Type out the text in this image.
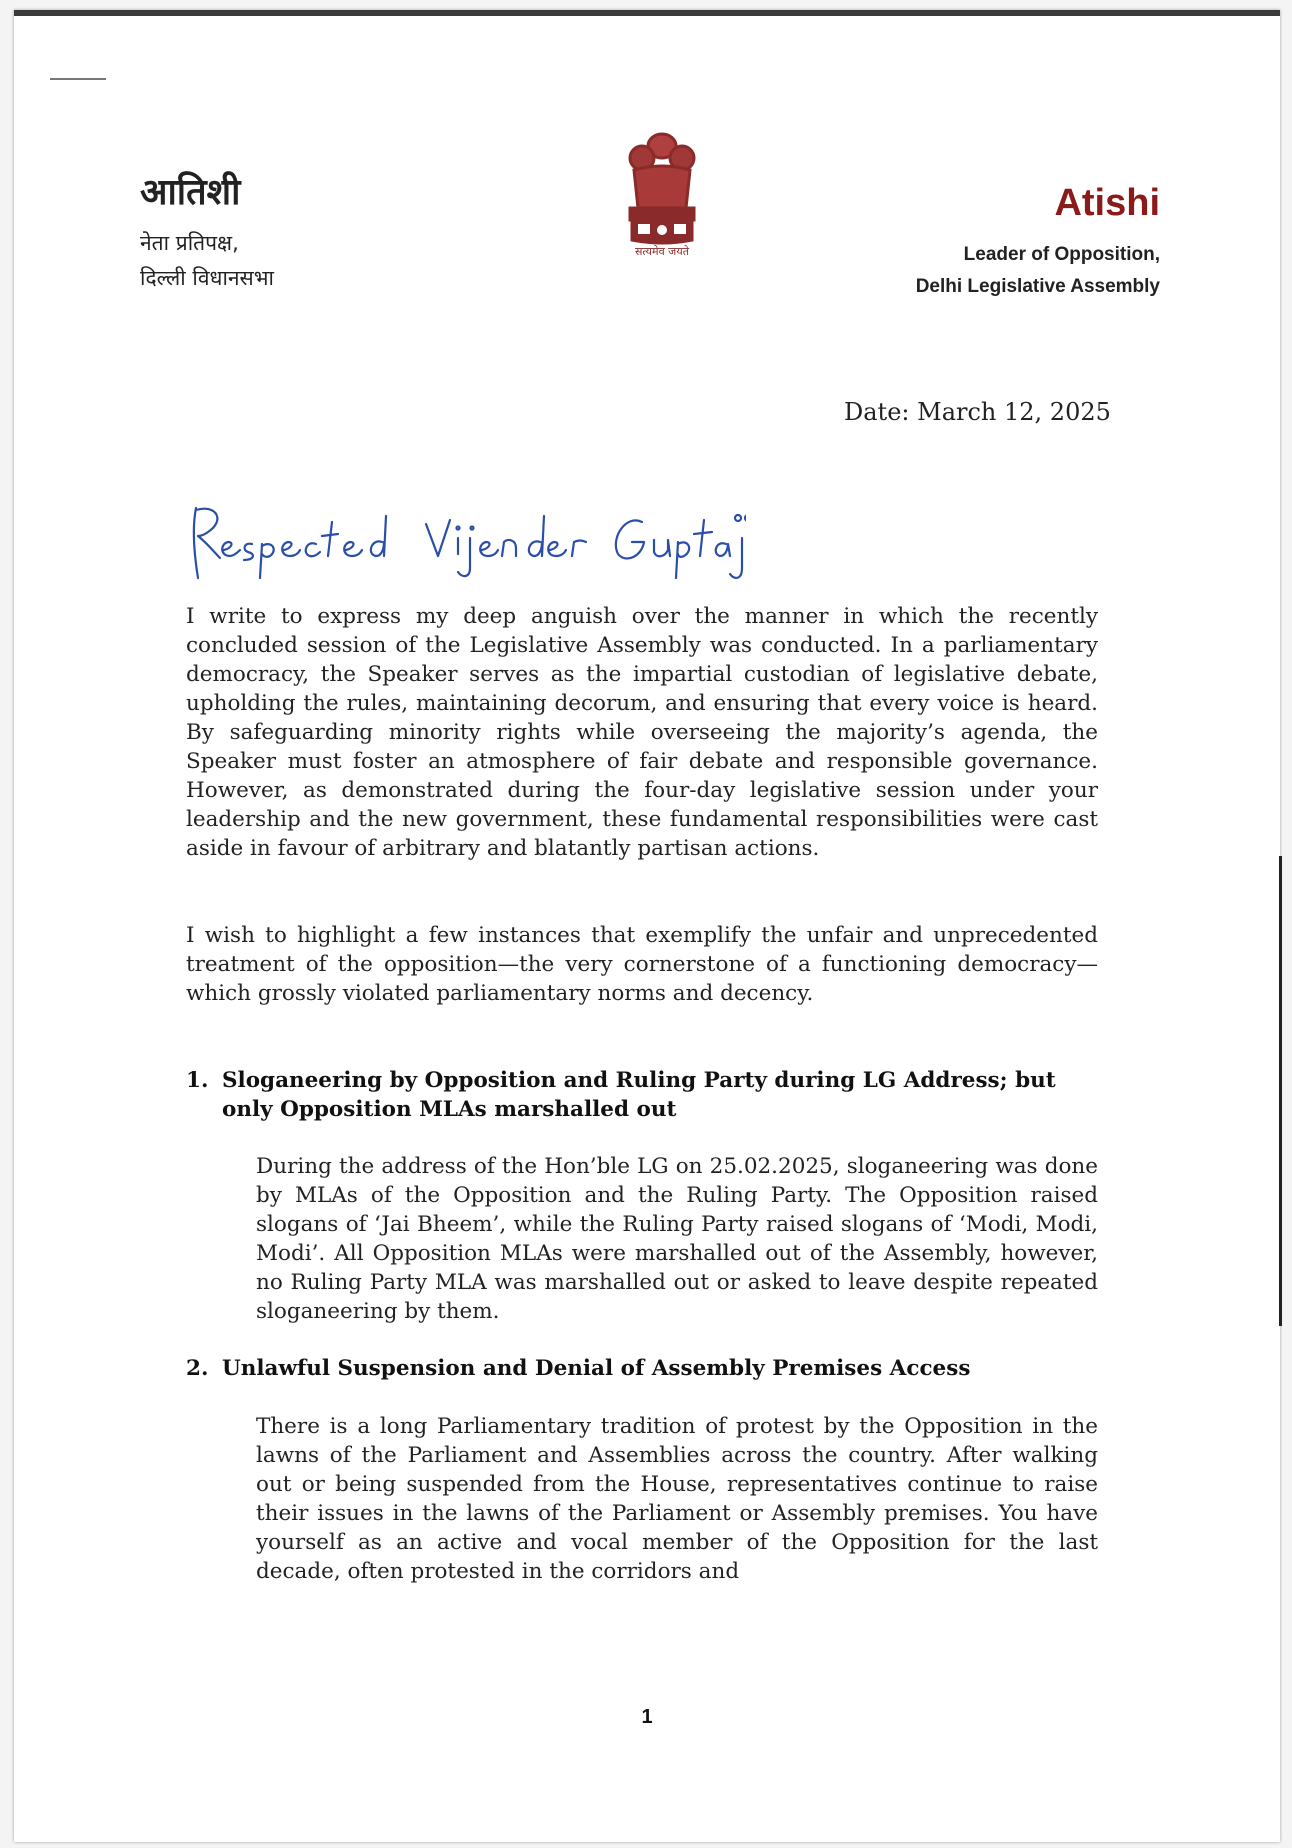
आतिशी
नेता प्रतिपक्ष,
दिल्ली विधानसभा
सत्यमेव जयते
Atishi
Leader of Opposition,
Delhi Legislative Assembly
Date: March 12, 2025

I write to express my deep anguish over the manner in which the recently concluded session of the Legislative Assembly was conducted. In a parliamentary democracy, the Speaker serves as the impartial custodian of legislative debate, upholding the rules, maintaining decorum, and ensuring that every voice is heard. By safeguarding minority rights while overseeing the majority’s agenda, the Speaker must foster an atmosphere of fair debate and responsible governance. However, as demonstrated during the four-day legislative session under your leadership and the new government, these fundamental responsibilities were cast aside in favour of arbitrary and blatantly partisan actions.

I wish to highlight a few instances that exemplify the unfair and unprecedented treatment of the opposition—the very cornerstone of a functioning democracy— which grossly violated parliamentary norms and decency.

1. Sloganeering by Opposition and Ruling Party during LG Address; but only Opposition MLAs marshalled out

During the address of the Hon’ble LG on 25.02.2025, sloganeering was done by MLAs of the Opposition and the Ruling Party. The Opposition raised slogans of ‘Jai Bheem’, while the Ruling Party raised slogans of ‘Modi, Modi, Modi’. All Opposition MLAs were marshalled out of the Assembly, however, no Ruling Party MLA was marshalled out or asked to leave despite repeated sloganeering by them.

2. Unlawful Suspension and Denial of Assembly Premises Access

There is a long Parliamentary tradition of protest by the Opposition in the lawns of the Parliament and Assemblies across the country. After walking out or being suspended from the House, representatives continue to raise their issues in the lawns of the Parliament or Assembly premises. You have yourself as an active and vocal member of the Opposition for the last decade, often protested in the corridors and

1
